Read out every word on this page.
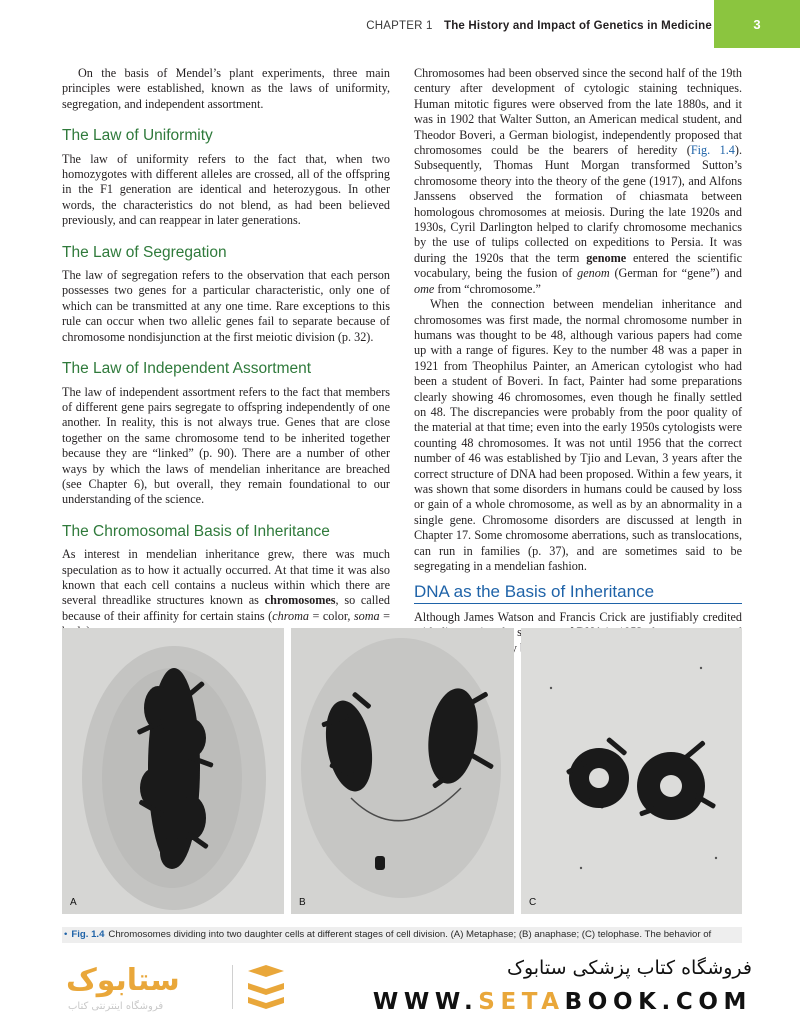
CHAPTER 1 The History and Impact of Genetics in Medicine	3

On the basis of Mendel’s plant experiments, three main principles were established, known as the laws of uniformity, segregation, and independent assortment.

The Law of Uniformity

The law of uniformity refers to the fact that, when two homozygotes with different alleles are crossed, all of the offspring in the F1 generation are identical and heterozygous. In other words, the characteristics do not blend, as had been believed previously, and can reappear in later generations.

The Law of Segregation

The law of segregation refers to the observation that each person possesses two genes for a particular characteristic, only one of which can be transmitted at any one time. Rare exceptions to this rule can occur when two allelic genes fail to separate because of chromosome nondisjunction at the first meiotic division (p. 32).

The Law of Independent Assortment

The law of independent assortment refers to the fact that members of different gene pairs segregate to offspring independently of one another. In reality, this is not always true. Genes that are close together on the same chromosome tend to be inherited together because they are “linked” (p. 90). There are a number of other ways by which the laws of mendelian inheritance are breached (see Chapter 6), but overall, they remain foundational to our understanding of the science.

The Chromosomal Basis of Inheritance

As interest in mendelian inheritance grew, there was much speculation as to how it actually occurred. At that time it was also known that each cell contains a nucleus within which there are several threadlike structures known as chromosomes, so called because of their affinity for certain stains (chroma = color, soma =

Chromosomes had been observed since the second half of the 19th century after development of cytologic staining techniques. Human mitotic figures were observed from the late 1880s, and it was in 1902 that Walter Sutton, an American medical student, and Theodor Boveri, a German biologist, independently proposed that chromosomes could be the bearers of heredity (Fig. 1.4). Subsequently, Thomas Hunt Morgan transformed Sutton’s chromosome theory into the theory of the gene (1917), and Alfons Janssens observed the formation of chiasmata between homologous chromosomes at meiosis. During the late 1920s and 1930s, Cyril Darlington helped to clarify chromosome mechanics by the use of tulips collected on expeditions to Persia. It was during the 1920s that the term genome entered the scientific vocabulary, being the fusion of genom (German for “gene”) and ome from “chromosome.”

When the connection between mendelian inheritance and chromosomes was first made, the normal chromosome number in humans was thought to be 48, although various papers had come up with a range of figures. Key to the number 48 was a paper in 1921 from Theophilus Painter, an American cytologist who had been a student of Boveri. In fact, Painter had some preparations clearly showing 46 chromosomes, even though he finally settled on 48. The discrepancies were probably from the poor quality of the material at that time; even into the early 1950s cytologists were counting 48 chromosomes. It was not until 1956 that the correct number of 46 was established by Tjio and Levan, 3 years after the correct structure of DNA had been proposed. Within a few years, it was shown that some disorders in humans could be caused by loss or gain of a whole chromosome, as well as by an abnormality in a single gene. Chromosome disorders are discussed at length in Chapter 17. Some chromosome aberrations, such as translocations, can run in families (p. 37), and are sometimes said to be segregating in a mendelian fashion.

DNA as the Basis of Inheritance

Although James Watson and Francis Crick are justifiably credited

A	B	C
• Fig. 1.4 Chromosomes dividing into two daughter cells at different stages of cell division. (A) Metaphase; (B) anaphase; (C) telophase. The behavior of
ستابوک
فروشگاه اینترنتی کتاب
فروشگاه کتاب پزشکی ستابوک
WWW.SETABOOK.COM
